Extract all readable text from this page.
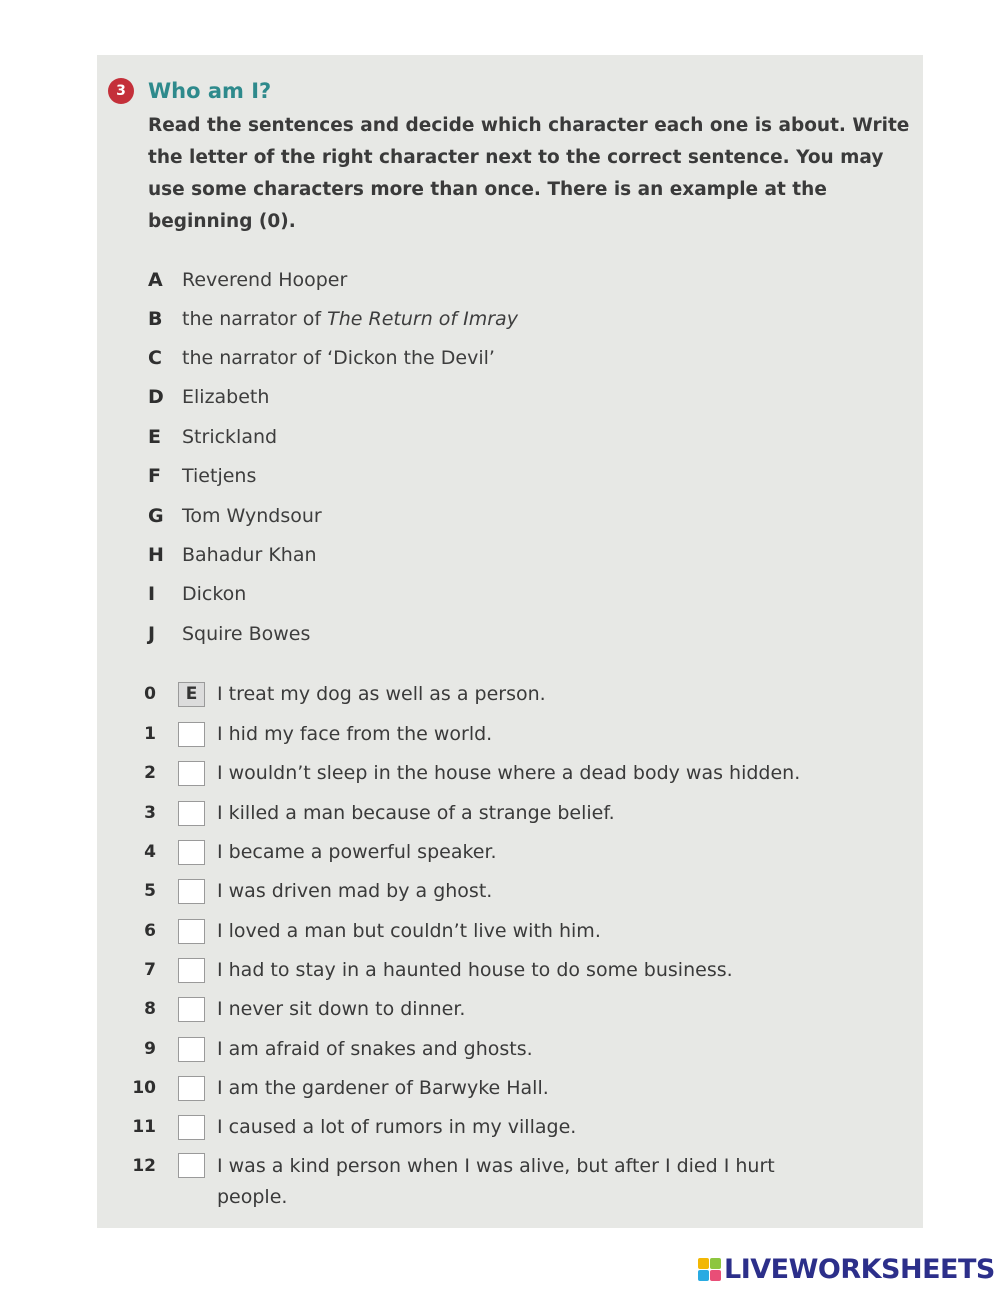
3	Who am I?

Read the sentences and decide which character each one is about. Write the letter of the right character next to the correct sentence. You may use some characters more than once. There is an example at the beginning (0).

A	Reverend Hooper
B	the narrator of The Return of Imray
C	the narrator of ‘Dickon the Devil’
D Elizabeth
E	Strickland
F	Tietjens
G Tom Wyndsour
H Bahadur Khan
I	Dickon
J	Squire Bowes
0	E	I treat my dog as well as a person.
1	I hid my face from the world.
2	I wouldn’t sleep in the house where a dead body was hidden.
3	I killed a man because of a strange belief.
4	I became a powerful speaker.
5	I was driven mad by a ghost.
6	I loved a man but couldn’t live with him.
7	I had to stay in a haunted house to do some business.
8	I never sit down to dinner.
9	I am afraid of snakes and ghosts.
10	I am the gardener of Barwyke Hall.
11	I caused a lot of rumors in my village.
12	I was a kind person when I was alive, but after I died I hurt people.
LIVEWORKSHEETS
